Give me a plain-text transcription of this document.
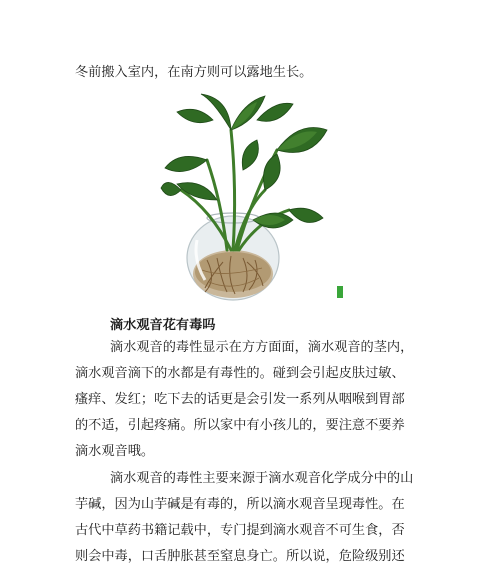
冬前搬入室内，在南方则可以露地生长。
滴水观音花有毒吗
滴水观音的毒性显示在方方面面，滴水观音的茎内，
滴水观音滴下的水都是有毒性的。碰到会引起皮肤过敏、
瘙痒、发红；吃下去的话更是会引发一系列从咽喉到胃部
的不适，引起疼痛。所以家中有小孩儿的，要注意不要养
滴水观音哦。
滴水观音的毒性主要来源于滴水观音化学成分中的山
芋碱，因为山芋碱是有毒的，所以滴水观音呈现毒性。在
古代中草药书籍记载中，专门提到滴水观音不可生食，否
则会中毒，口舌肿胀甚至窒息身亡。所以说，危险级别还
